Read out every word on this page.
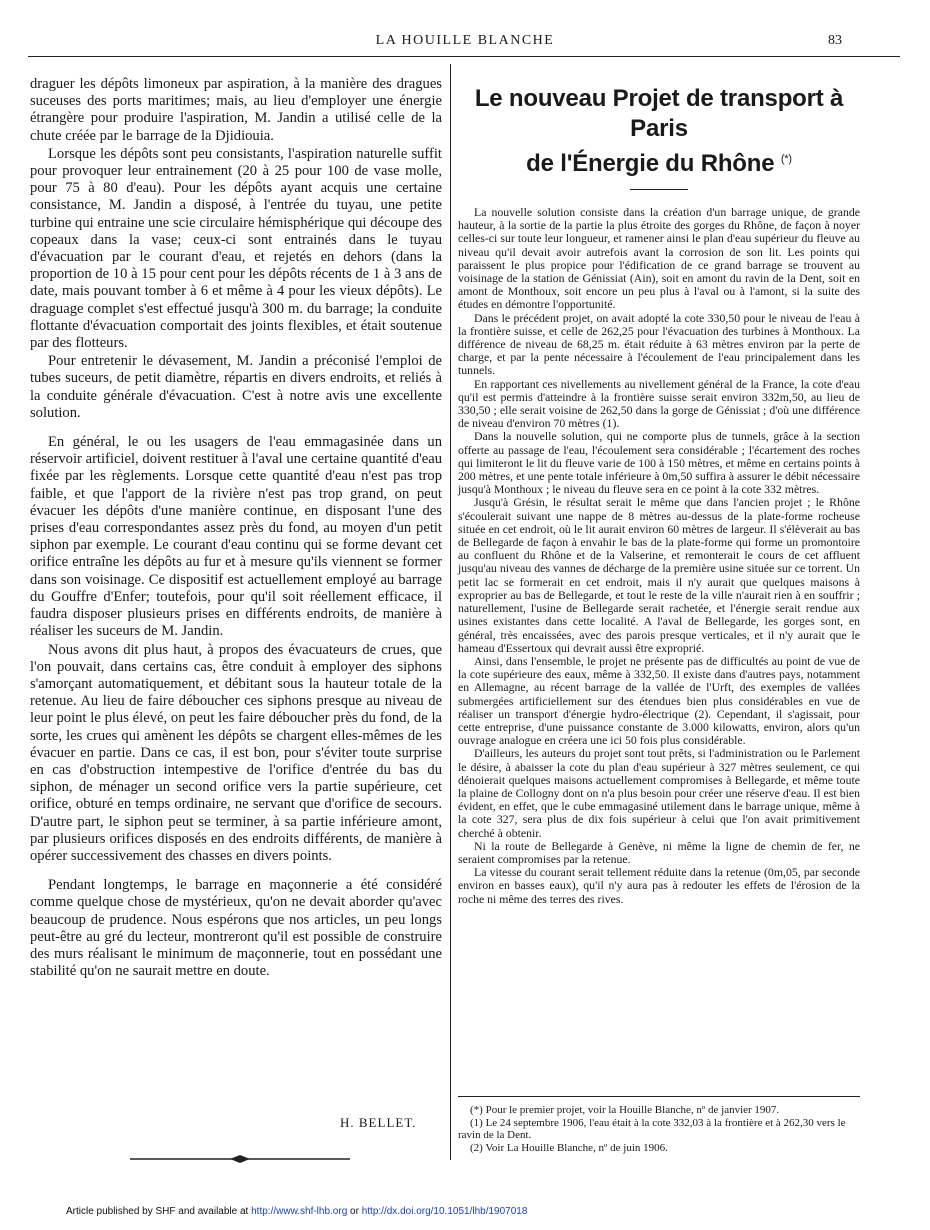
LA HOUILLE BLANCHE	83

draguer les dépôts limoneux par aspiration, à la manière des dragues suceuses des ports maritimes; mais, au lieu d'employer une énergie étrangère pour produire l'aspiration, M. Jandin a utilisé celle de la chute créée par le barrage de la Djidiouia.

Lorsque les dépôts sont peu consistants, l'aspiration naturelle suffit pour provoquer leur entrainement (20 à 25 pour 100 de vase molle, pour 75 à 80 d'eau). Pour les dépôts ayant acquis une certaine consistance, M. Jandin a disposé, à l'entrée du tuyau, une petite turbine qui entraine une scie circulaire hémisphérique qui découpe des copeaux dans la vase; ceux-ci sont entrainés dans le tuyau d'évacuation par le courant d'eau, et rejetés en dehors (dans la proportion de 10 à 15 pour cent pour les dépôts récents de 1 à 3 ans de date, mais pouvant tomber à 6 et même à 4 pour les vieux dépôts). Le draguage complet s'est effectué jusqu'à 300 m. du barrage; la conduite flottante d'évacuation comportait des joints flexibles, et était soutenue par des flotteurs.

Pour entretenir le dévasement, M. Jandin a préconisé l'emploi de tubes suceurs, de petit diamètre, répartis en divers endroits, et reliés à la conduite générale d'évacuation. C'est à notre avis une excellente solution.

En général, le ou les usagers de l'eau emmagasinée dans un réservoir artificiel, doivent restituer à l'aval une certaine quantité d'eau fixée par les règlements. Lorsque cette quantité d'eau n'est pas trop faible, et que l'apport de la rivière n'est pas trop grand, on peut évacuer les dépôts d'une manière continue, en disposant l'une des prises d'eau correspondantes assez près du fond, au moyen d'un petit siphon par exemple. Le courant d'eau continu qui se forme devant cet orifice entraîne les dépôts au fur et à mesure qu'ils viennent se former dans son voisinage. Ce dispositif est actuellement employé au barrage du Gouffre d'Enfer; toutefois, pour qu'il soit réellement efficace, il faudra disposer plusieurs prises en différents endroits, de manière à réaliser les suceurs de M. Jandin.

Nous avons dit plus haut, à propos des évacuateurs de crues, que l'on pouvait, dans certains cas, être conduit à employer des siphons s'amorçant automatiquement, et débitant sous la hauteur totale de la retenue. Au lieu de faire déboucher ces siphons presque au niveau de leur point le plus élevé, on peut les faire déboucher près du fond, de la sorte, les crues qui amènent les dépôts se chargent elles-mêmes de les évacuer en partie. Dans ce cas, il est bon, pour s'éviter toute surprise en cas d'obstruction intempestive de l'orifice d'entrée du bas du siphon, de ménager un second orifice vers la partie supérieure, cet orifice, obturé en temps ordinaire, ne servant que d'orifice de secours. D'autre part, le siphon peut se terminer, à sa partie inférieure amont, par plusieurs orifices disposés en des endroits différents, de manière à opérer successivement des chasses en divers points.

Pendant longtemps, le barrage en maçonnerie a été considéré comme quelque chose de mystérieux, qu'on ne devait aborder qu'avec beaucoup de prudence. Nous espérons que nos articles, un peu longs peut-être au gré du lecteur, montreront qu'il est possible de construire des murs réalisant le minimum de maçonnerie, tout en possédant une stabilité qu'on ne saurait mettre en doute.

H. BELLET.
Le nouveau Projet de transport à Paris
de l'Énergie du Rhône (*)

La nouvelle solution consiste dans la création d'un barrage unique, de grande hauteur, à la sortie de la partie la plus étroite des gorges du Rhône, de façon à noyer celles-ci sur toute leur longueur, et ramener ainsi le plan d'eau supérieur du fleuve au niveau qu'il devait avoir autrefois avant la corrosion de son lit. Les points qui paraissent le plus propice pour l'édification de ce grand barrage se trouvent au voisinage de la station de Génissiat (Ain), soit en amont du ravin de la Dent, soit en amont de Monthoux, soit encore un peu plus à l'aval ou à l'amont, si la suite des études en démontre l'opportunité.

Dans le précédent projet, on avait adopté la cote 330,50 pour le niveau de l'eau à la frontière suisse, et celle de 262,25 pour l'évacuation des turbines à Monthoux. La différence de niveau de 68,25 m. était réduite à 63 mètres environ par la perte de charge, et par la pente nécessaire à l'écoulement de l'eau principalement dans les tunnels.

En rapportant ces nivellements au nivellement général de la France, la cote d'eau qu'il est permis d'atteindre à la frontière suisse serait environ 332m,50, au lieu de 330,50 ; elle serait voisine de 262,50 dans la gorge de Génissiat ; d'où une différence de niveau d'environ 70 mètres (1).

Dans la nouvelle solution, qui ne comporte plus de tunnels, grâce à la section offerte au passage de l'eau, l'écoulement sera considérable ; l'écartement des roches qui limiteront le lit du fleuve varie de 100 à 150 mètres, et même en certains points à 200 mètres, et une pente totale inférieure à 0m,50 suffira à assurer le débit nécessaire jusqu'à Monthoux ; le niveau du fleuve sera en ce point à la cote 332 mètres.

Jusqu'à Grésin, le résultat serait le même que dans l'ancien projet ; le Rhône s'écoulerait suivant une nappe de 8 mètres au-dessus de la plate-forme rocheuse située en cet endroit, où le lit aurait environ 60 mètres de largeur. Il s'élèverait au bas de Bellegarde de façon à envahir le bas de la plate-forme qui forme un promontoire au confluent du Rhône et de la Valserine, et remonterait le cours de cet affluent jusqu'au niveau des vannes de décharge de la première usine située sur ce torrent. Un petit lac se formerait en cet endroit, mais il n'y aurait que quelques maisons à exproprier au bas de Bellegarde, et tout le reste de la ville n'aurait rien à en souffrir ; naturellement, l'usine de Bellegarde serait rachetée, et l'énergie serait rendue aux usines existantes dans cette localité. A l'aval de Bellegarde, les gorges sont, en général, très encaissées, avec des parois presque verticales, et il n'y aurait que le hameau d'Essertoux qui devrait aussi être exproprié.

Ainsi, dans l'ensemble, le projet ne présente pas de difficultés au point de vue de la cote supérieure des eaux, même à 332,50. Il existe dans d'autres pays, notamment en Allemagne, au récent barrage de la vallée de l'Urft, des exemples de vallées submergées artificiellement sur des étendues bien plus considérables en vue de réaliser un transport d'énergie hydro-électrique (2). Cependant, il s'agissait, pour cette entreprise, d'une puissance constante de 3.000 kilowatts, environ, alors qu'un ouvrage analogue en créera une ici 50 fois plus considérable.

D'ailleurs, les auteurs du projet sont tout prêts, si l'administration ou le Parlement le désire, à abaisser la cote du plan d'eau supérieur à 327 mètres seulement, ce qui dénoierait quelques maisons actuellement compromises à Bellegarde, et même toute la plaine de Collogny dont on n'a plus besoin pour créer une réserve d'eau. Il est bien évident, en effet, que le cube emmagasiné utilement dans le barrage unique, même à la cote 327, sera plus de dix fois supérieur à celui que l'on avait primitivement cherché à obtenir.

Ni la route de Bellegarde à Genève, ni même la ligne de chemin de fer, ne seraient compromises par la retenue.

La vitesse du courant serait tellement réduite dans la retenue (0m,05, par seconde environ en basses eaux), qu'il n'y aura pas à redouter les effets de l'érosion de la roche ni même des terres des rives.

(*) Pour le premier projet, voir la Houille Blanche, nº de janvier 1907.

(1) Le 24 septembre 1906, l'eau était à la cote 332,03 à la frontière et à 262,30 vers le ravin de la Dent.

(2) Voir La Houille Blanche, nº de juin 1906.

Article published by SHF and available at http://www.shf-lhb.org or http://dx.doi.org/10.1051/lhb/1907018
